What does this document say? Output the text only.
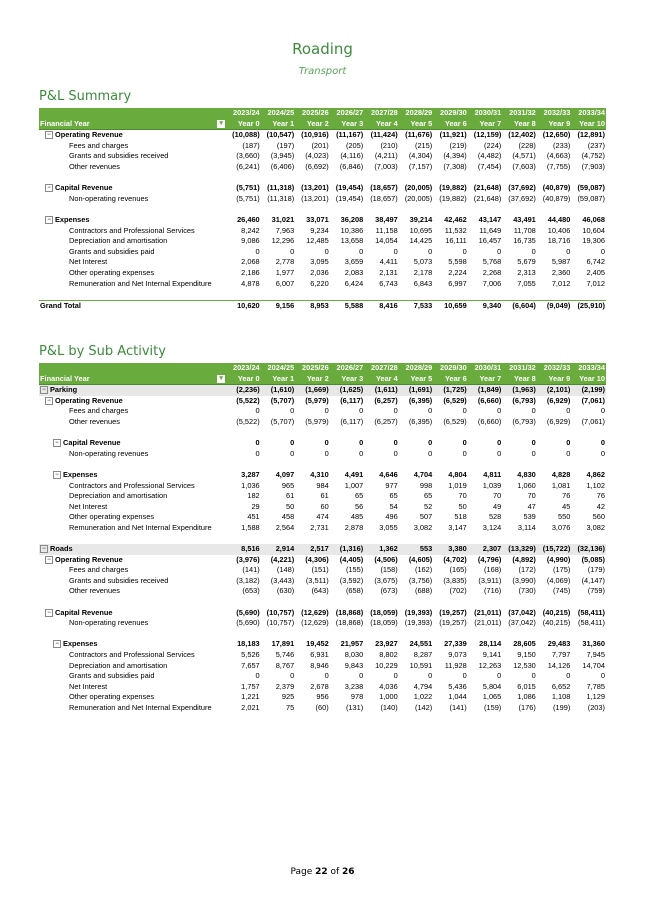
Roading
Transport
P&L Summary
	2023/24	2024/25	2025/26	2026/27	2027/28	2028/29	2029/30	2030/31	2031/32	2032/33	2033/34
Financial Year ▾	Year 0	Year 1	Year 2	Year 3	Year 4	Year 5	Year 6	Year 7	Year 8	Year 9	Year 10
− Operating Revenue	(10,088)	(10,547)	(10,916)	(11,167)	(11,424)	(11,676)	(11,921)	(12,159)	(12,402)	(12,650)	(12,891)
Fees and charges	(187)	(197)	(201)	(205)	(210)	(215)	(219)	(224)	(228)	(233)	(237)
Grants and subsidies received	(3,660)	(3,945)	(4,023)	(4,116)	(4,211)	(4,304)	(4,394)	(4,482)	(4,571)	(4,663)	(4,752)
Other revenues	(6,241)	(6,406)	(6,692)	(6,846)	(7,003)	(7,157)	(7,308)	(7,454)	(7,603)	(7,755)	(7,903)

− Capital Revenue	(5,751)	(11,318)	(13,201)	(19,454)	(18,657)	(20,005)	(19,882)	(21,648)	(37,692)	(40,879)	(59,087)
Non-operating revenues	(5,751)	(11,318)	(13,201)	(19,454)	(18,657)	(20,005)	(19,882)	(21,648)	(37,692)	(40,879)	(59,087)

− Expenses	26,460	31,021	33,071	36,208	38,497	39,214	42,462	43,147	43,491	44,480	46,068
Contractors and Professional Services	8,242	7,963	9,234	10,386	11,158	10,695	11,532	11,649	11,708	10,406	10,604
Depreciation and amortisation	9,086	12,296	12,485	13,658	14,054	14,425	16,111	16,457	16,735	18,716	19,306
Grants and subsidies paid	0	0	0	0	0	0	0	0	0	0	0
Net Interest	2,068	2,778	3,095	3,659	4,411	5,073	5,598	5,768	5,679	5,987	6,742
Other operating expenses	2,186	1,977	2,036	2,083	2,131	2,178	2,224	2,268	2,313	2,360	2,405
Remuneration and Net Internal Expenditure	4,878	6,007	6,220	6,424	6,743	6,843	6,997	7,006	7,055	7,012	7,012

Grand Total	10,620	9,156	8,953	5,588	8,416	7,533	10,659	9,340	(6,604)	(9,049)	(25,910)
P&L by Sub Activity
	2023/24	2024/25	2025/26	2026/27	2027/28	2028/29	2029/30	2030/31	2031/32	2032/33	2033/34
Financial Year ▾	Year 0	Year 1	Year 2	Year 3	Year 4	Year 5	Year 6	Year 7	Year 8	Year 9	Year 10
− Parking	(2,236)	(1,610)	(1,669)	(1,625)	(1,611)	(1,691)	(1,725)	(1,849)	(1,963)	(2,101)	(2,199)
− Operating Revenue	(5,522)	(5,707)	(5,979)	(6,117)	(6,257)	(6,395)	(6,529)	(6,660)	(6,793)	(6,929)	(7,061)
Fees and charges	0	0	0	0	0	0	0	0	0	0	0
Other revenues	(5,522)	(5,707)	(5,979)	(6,117)	(6,257)	(6,395)	(6,529)	(6,660)	(6,793)	(6,929)	(7,061)

− Capital Revenue	0	0	0	0	0	0	0	0	0	0	0
Non-operating revenues	0	0	0	0	0	0	0	0	0	0	0

− Expenses	3,287	4,097	4,310	4,491	4,646	4,704	4,804	4,811	4,830	4,828	4,862
Contractors and Professional Services	1,036	965	984	1,007	977	998	1,019	1,039	1,060	1,081	1,102
Depreciation and amortisation	182	61	61	65	65	65	70	70	70	76	76
Net Interest	29	50	60	56	54	52	50	49	47	45	42
Other operating expenses	451	458	474	485	496	507	518	528	539	550	560
Remuneration and Net Internal Expenditure	1,588	2,564	2,731	2,878	3,055	3,082	3,147	3,124	3,114	3,076	3,082

− Roads	8,516	2,914	2,517	(1,316)	1,362	553	3,380	2,307	(13,329)	(15,722)	(32,136)
− Operating Revenue	(3,976)	(4,221)	(4,306)	(4,405)	(4,506)	(4,605)	(4,702)	(4,796)	(4,892)	(4,990)	(5,085)
Fees and charges	(141)	(148)	(151)	(155)	(158)	(162)	(165)	(168)	(172)	(175)	(179)
Grants and subsidies received	(3,182)	(3,443)	(3,511)	(3,592)	(3,675)	(3,756)	(3,835)	(3,911)	(3,990)	(4,069)	(4,147)
Other revenues	(653)	(630)	(643)	(658)	(673)	(688)	(702)	(716)	(730)	(745)	(759)

− Capital Revenue	(5,690)	(10,757)	(12,629)	(18,868)	(18,059)	(19,393)	(19,257)	(21,011)	(37,042)	(40,215)	(58,411)
Non-operating revenues	(5,690)	(10,757)	(12,629)	(18,868)	(18,059)	(19,393)	(19,257)	(21,011)	(37,042)	(40,215)	(58,411)

− Expenses	18,183	17,891	19,452	21,957	23,927	24,551	27,339	28,114	28,605	29,483	31,360
Contractors and Professional Services	5,526	5,746	6,931	8,030	8,802	8,287	9,073	9,141	9,150	7,797	7,945
Depreciation and amortisation	7,657	8,767	8,946	9,843	10,229	10,591	11,928	12,263	12,530	14,126	14,704
Grants and subsidies paid	0	0	0	0	0	0	0	0	0	0	0
Net Interest	1,757	2,379	2,678	3,238	4,036	4,794	5,436	5,804	6,015	6,652	7,785
Other operating expenses	1,221	925	956	978	1,000	1,022	1,044	1,065	1,086	1,108	1,129
Remuneration and Net Internal Expenditure	2,021	75	(60)	(131)	(140)	(142)	(141)	(159)	(176)	(199)	(203)
Page 22 of 26
